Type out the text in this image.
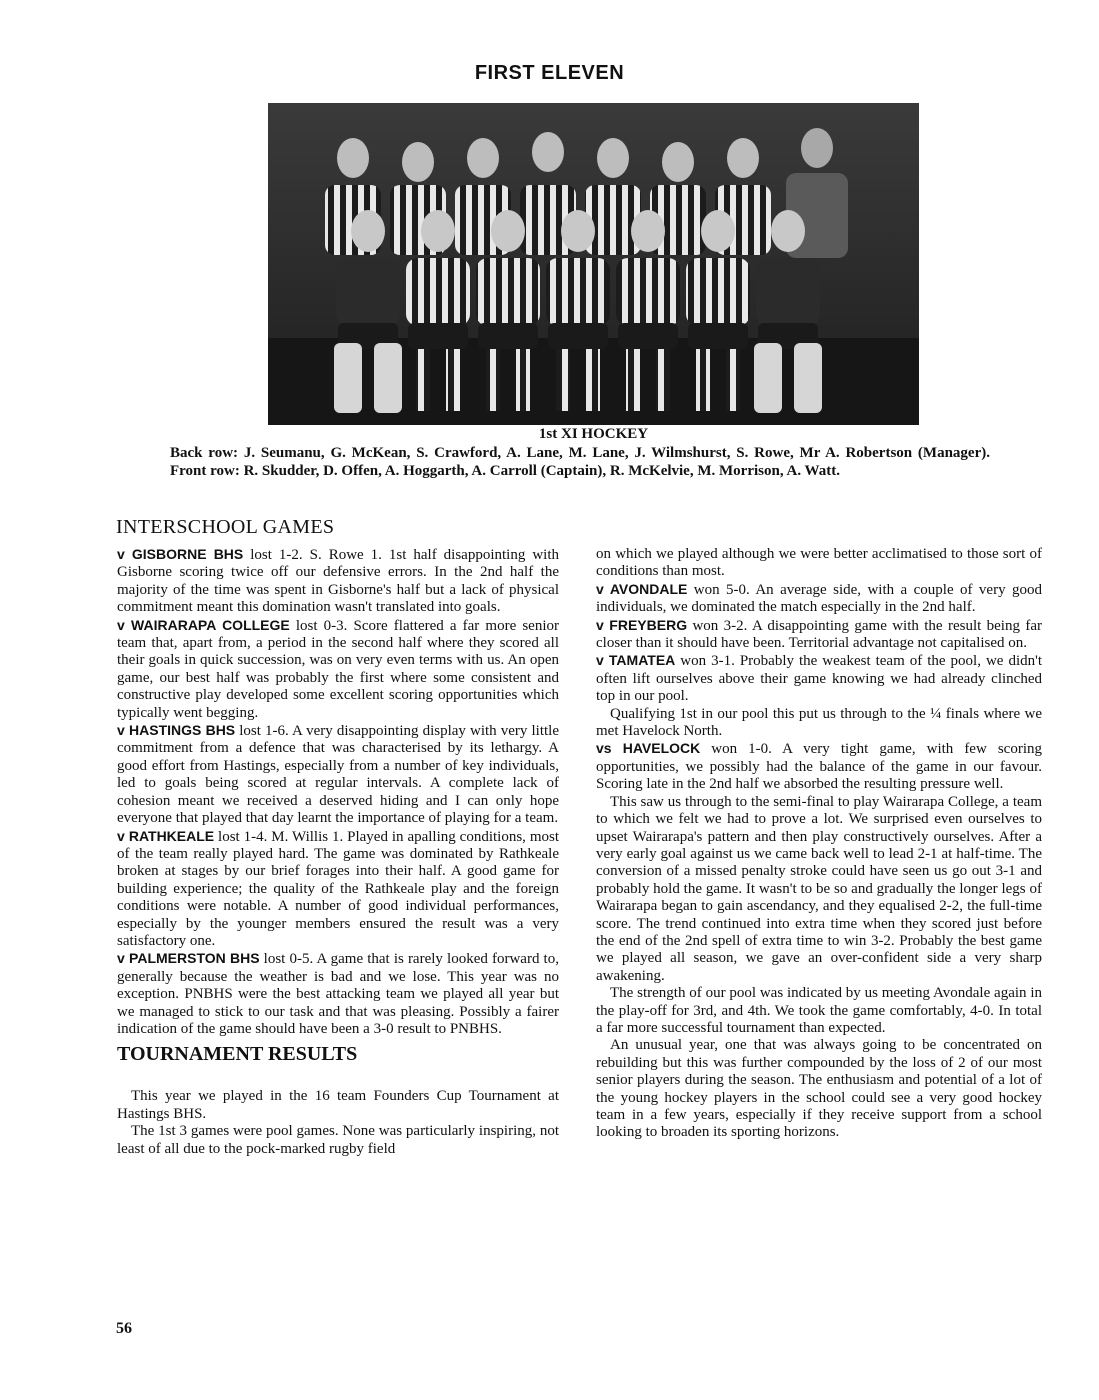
FIRST ELEVEN
1st XI HOCKEY
Back row: J. Seumanu, G. McKean, S. Crawford, A. Lane, M. Lane, J. Wilmshurst, S. Rowe, Mr A. Robertson (Manager). Front row: R. Skudder, D. Offen, A. Hoggarth, A. Carroll (Captain), R. McKelvie, M. Morrison, A. Watt.
INTERSCHOOL GAMES

v GISBORNE BHS lost 1-2. S. Rowe 1. 1st half disappointing with Gisborne scoring twice off our defensive errors. In the 2nd half the majority of the time was spent in Gisborne's half but a lack of physical commitment meant this domination wasn't translated into goals.

v WAIRARAPA COLLEGE lost 0-3. Score flattered a far more senior team that, apart from, a period in the second half where they scored all their goals in quick succession, was on very even terms with us. An open game, our best half was probably the first where some consistent and constructive play developed some excellent scoring opportunities which typically went begging.

v HASTINGS BHS lost 1-6. A very disappointing display with very little commitment from a defence that was characterised by its lethargy. A good effort from Hastings, especially from a number of key individuals, led to goals being scored at regular intervals. A complete lack of cohesion meant we received a deserved hiding and I can only hope everyone that played that day learnt the importance of playing for a team.

v RATHKEALE lost 1-4. M. Willis 1. Played in apalling conditions, most of the team really played hard. The game was dominated by Rathkeale broken at stages by our brief forages into their half. A good game for building experience; the quality of the Rathkeale play and the foreign conditions were notable. A number of good individual performances, especially by the younger members ensured the result was a very satisfactory one.

v PALMERSTON BHS lost 0-5. A game that is rarely looked forward to, generally because the weather is bad and we lose. This year was no exception. PNBHS were the best attacking team we played all year but we managed to stick to our task and that was pleasing. Possibly a fairer indication of the game should have been a 3-0 result to PNBHS.

TOURNAMENT RESULTS

This year we played in the 16 team Founders Cup Tournament at Hastings BHS.

The 1st 3 games were pool games. None was particularly inspiring, not least of all due to the pock-marked rugby field

on which we played although we were better acclimatised to those sort of conditions than most.

v AVONDALE won 5-0. An average side, with a couple of very good individuals, we dominated the match especially in the 2nd half.

v FREYBERG won 3-2. A disappointing game with the result being far closer than it should have been. Territorial advantage not capitalised on.

v TAMATEA won 3-1. Probably the weakest team of the pool, we didn't often lift ourselves above their game knowing we had already clinched top in our pool.

Qualifying 1st in our pool this put us through to the ¼ finals where we met Havelock North.

vs HAVELOCK won 1-0. A very tight game, with few scoring opportunities, we possibly had the balance of the game in our favour. Scoring late in the 2nd half we absorbed the resulting pressure well.

This saw us through to the semi-final to play Wairarapa College, a team to which we felt we had to prove a lot. We surprised even ourselves to upset Wairarapa's pattern and then play constructively ourselves. After a very early goal against us we came back well to lead 2-1 at half-time. The conversion of a missed penalty stroke could have seen us go out 3-1 and probably hold the game. It wasn't to be so and gradually the longer legs of Wairarapa began to gain ascendancy, and they equalised 2-2, the full-time score. The trend continued into extra time when they scored just before the end of the 2nd spell of extra time to win 3-2. Probably the best game we played all season, we gave an over-confident side a very sharp awakening.

The strength of our pool was indicated by us meeting Avondale again in the play-off for 3rd, and 4th. We took the game comfortably, 4-0. In total a far more successful tournament than expected.

An unusual year, one that was always going to be concentrated on rebuilding but this was further compounded by the loss of 2 of our most senior players during the season. The enthusiasm and potential of a lot of the young hockey players in the school could see a very good hockey team in a few years, especially if they receive support from a school looking to broaden its sporting horizons.

56
